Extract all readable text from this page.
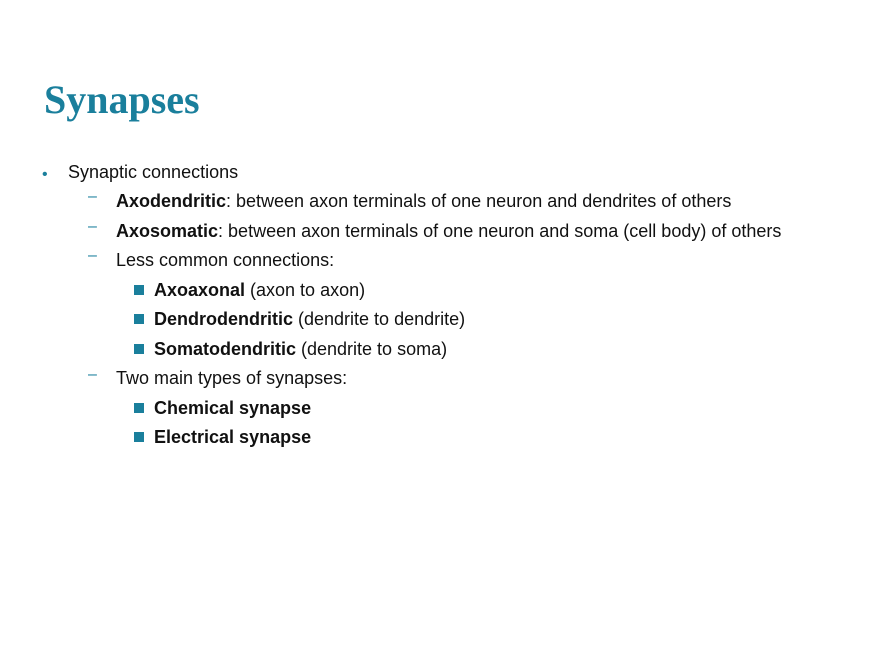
Synapses
• Synaptic connections
– Axodendritic: between axon terminals of one neuron and dendrites of others
– Axosomatic: between axon terminals of one neuron and soma (cell body) of others
– Less common connections:
Axoaxonal (axon to axon)
Dendrodendritic (dendrite to dendrite)
Somatodendritic (dendrite to soma)
– Two main types of synapses:
Chemical synapse
Electrical synapse
